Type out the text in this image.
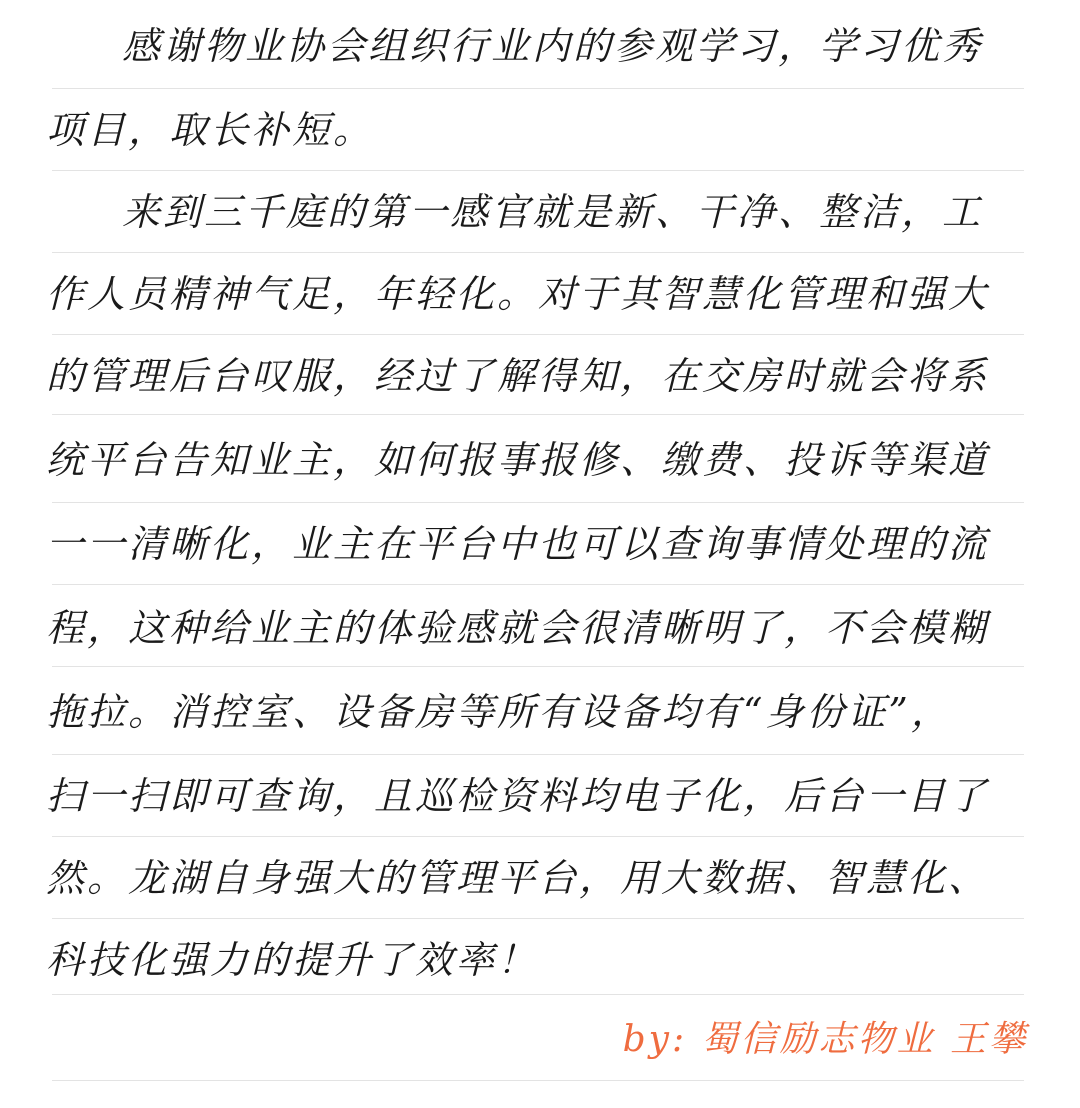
感谢物业协会组织行业内的参观学习，学习优秀
项目，取长补短。
来到三千庭的第一感官就是新、干净、整洁，工
作人员精神气足，年轻化。对于其智慧化管理和强大
的管理后台叹服，经过了解得知，在交房时就会将系
统平台告知业主，如何报事报修、缴费、投诉等渠道
一一清晰化，业主在平台中也可以查询事情处理的流
程，这种给业主的体验感就会很清晰明了，不会模糊
拖拉。消控室、设备房等所有设备均有“身份证”，
扫一扫即可查询，且巡检资料均电子化，后台一目了
然。龙湖自身强大的管理平台，用大数据、智慧化、
科技化强力的提升了效率！
by: 蜀信励志物业 王攀
